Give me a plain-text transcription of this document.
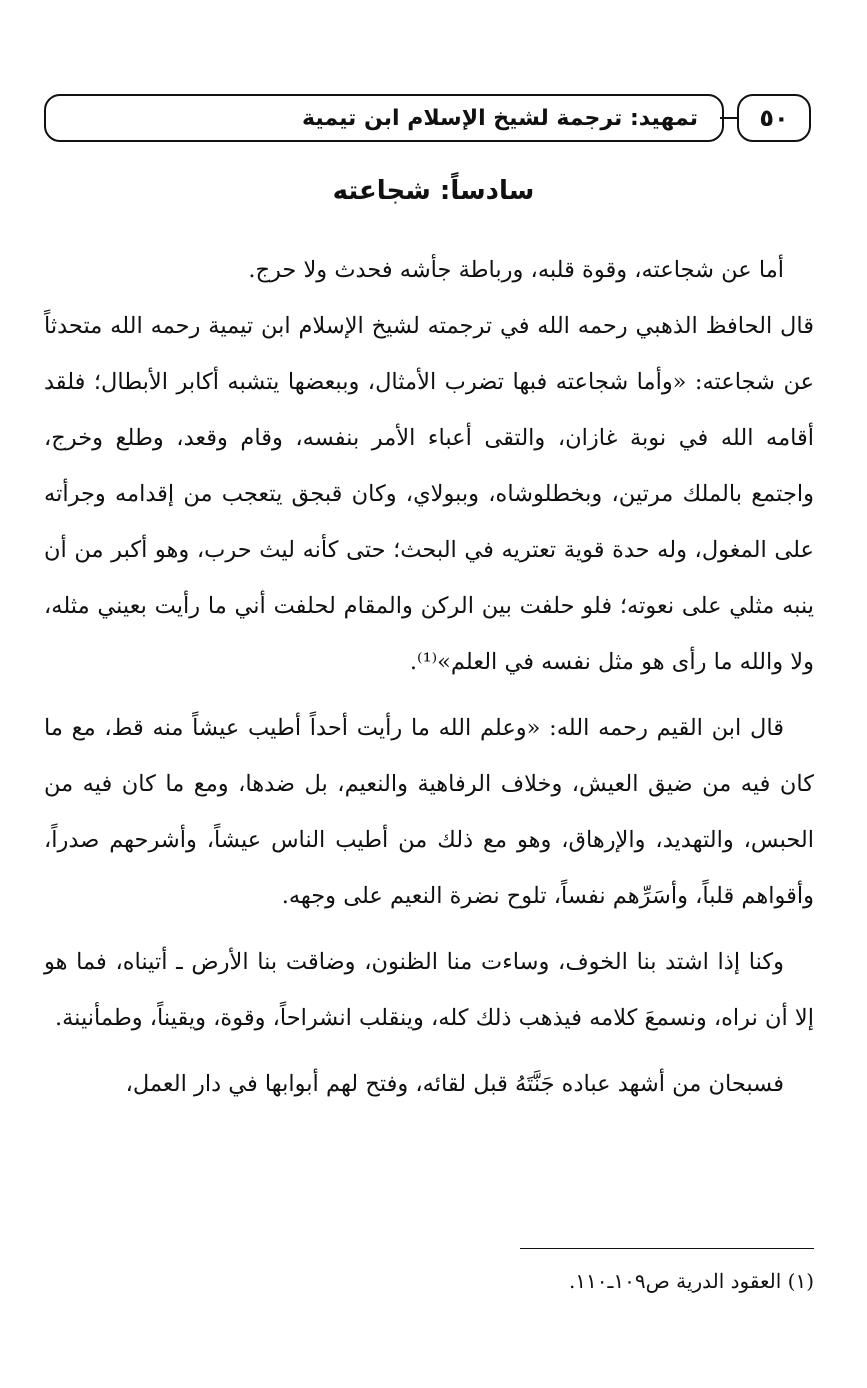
٥٠
تمهيد: ترجمة لشيخ الإسلام ابن تيمية
سادساً: شجاعته

أما عن شجاعته، وقوة قلبه، ورباطة جأشه فحدث ولا حرج.

قال الحافظ الذهبي رحمه الله في ترجمته لشيخ الإسلام ابن تيمية رحمه الله متحدثاً عن شجاعته: «وأما شجاعته فبها تضرب الأمثال، وببعضها يتشبه أكابر الأبطال؛ فلقد أقامه الله في نوبة غازان، والتقى أعباء الأمر بنفسه، وقام وقعد، وطلع وخرج، واجتمع بالملك مرتين، وبخطلوشاه، وببولاي، وكان قبجق يتعجب من إقدامه وجرأته على المغول، وله حدة قوية تعتريه في البحث؛ حتى كأنه ليث حرب، وهو أكبر من أن ينبه مثلي على نعوته؛ فلو حلفت بين الركن والمقام لحلفت أني ما رأيت بعيني مثله، ولا والله ما رأى هو مثل نفسه في العلم»⁽¹⁾.

قال ابن القيم رحمه الله: «وعلم الله ما رأيت أحداً أطيب عيشاً منه قط، مع ما كان فيه من ضيق العيش، وخلاف الرفاهية والنعيم، بل ضدها، ومع ما كان فيه من الحبس، والتهديد، والإرهاق، وهو مع ذلك من أطيب الناس عيشاً، وأشرحهم صدراً، وأقواهم قلباً، وأسَرِّهم نفساً، تلوح نضرة النعيم على وجهه.

وكنا إذا اشتد بنا الخوف، وساءت منا الظنون، وضاقت بنا الأرض ـ أتيناه، فما هو إلا أن نراه، ونسمعَ كلامه فيذهب ذلك كله، وينقلب انشراحاً، وقوة، ويقيناً، وطمأنينة.

فسبحان من أشهد عباده جَنَّتَهُ قبل لقائه، وفتح لهم أبوابها في دار العمل،

(١) العقود الدرية ص١٠٩ـ١١٠.
